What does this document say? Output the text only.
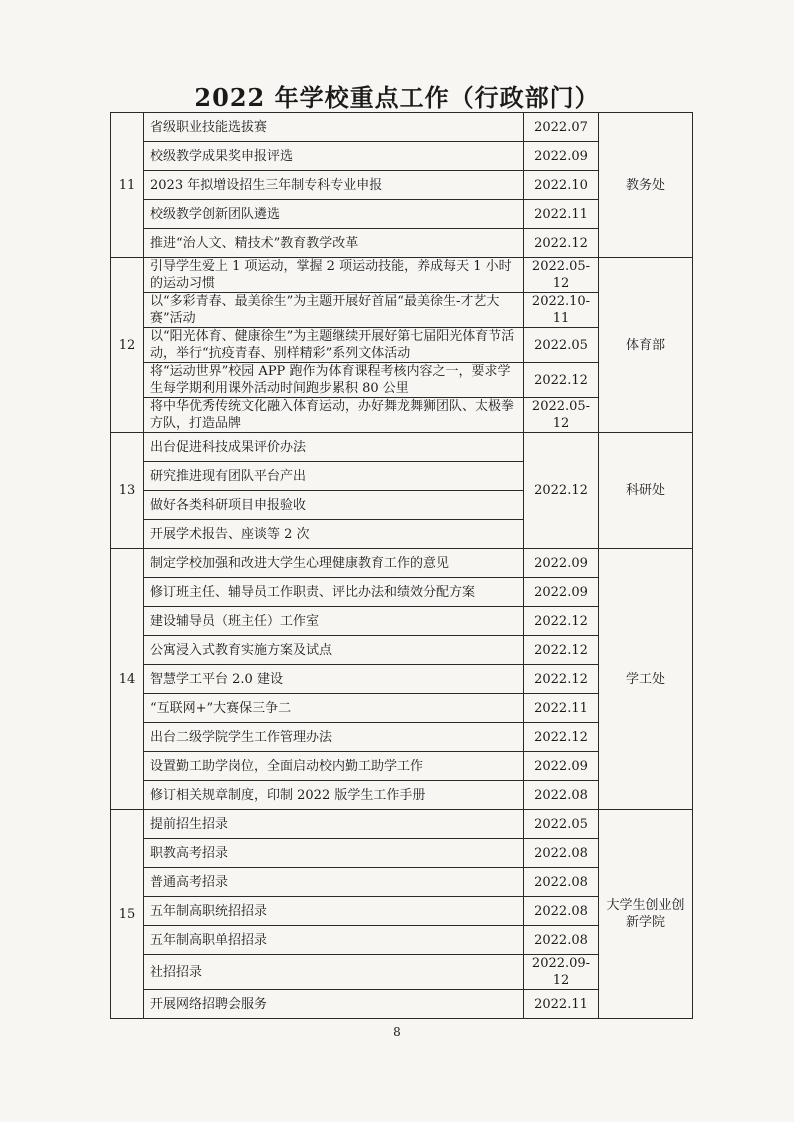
2022 年学校重点工作（行政部门）
11	省级职业技能选拔赛	2022.07	教务处
	校级教学成果奖申报评选	2022.09	
	2023 年拟增设招生三年制专科专业申报	2022.10	
	校级教学创新团队遴选	2022.11	
	推进“治人文、精技术”教育教学改革	2022.12	
12	引导学生爱上 1 项运动，掌握 2 项运动技能，养成每天 1 小时的运动习惯	2022.05-12	体育部
	以“多彩青春、最美徐生”为主题开展好首届“最美徐生-才艺大赛”活动	2022.10-11	
	以“阳光体育、健康徐生”为主题继续开展好第七届阳光体育节活动，举行“抗疫青春、别样精彩”系列文体活动	2022.05	
	将“运动世界”校园 APP 跑作为体育课程考核内容之一，要求学生每学期利用课外活动时间跑步累积 80 公里	2022.12	
	将中华优秀传统文化融入体育运动，办好舞龙舞狮团队、太极拳方队，打造品牌	2022.05-12	
13	出台促进科技成果评价办法	2022.12	科研处
	研究推进现有团队平台产出		
	做好各类科研项目申报验收		
	开展学术报告、座谈等 2 次		
14	制定学校加强和改进大学生心理健康教育工作的意见	2022.09	学工处
	修订班主任、辅导员工作职责、评比办法和绩效分配方案	2022.09	
	建设辅导员（班主任）工作室	2022.12	
	公寓浸入式教育实施方案及试点	2022.12	
	智慧学工平台 2.0 建设	2022.12	
	“互联网+”大赛保三争二	2022.11	
	出台二级学院学生工作管理办法	2022.12	
	设置勤工助学岗位，全面启动校内勤工助学工作	2022.09	
	修订相关规章制度，印制 2022 版学生工作手册	2022.08	
15	提前招生招录	2022.05	大学生创业创新学院
	职教高考招录	2022.08	
	普通高考招录	2022.08	
	五年制高职统招招录	2022.08	
	五年制高职单招招录	2022.08	
	社招招录	2022.09-12	
	开展网络招聘会服务	2022.11	
8
